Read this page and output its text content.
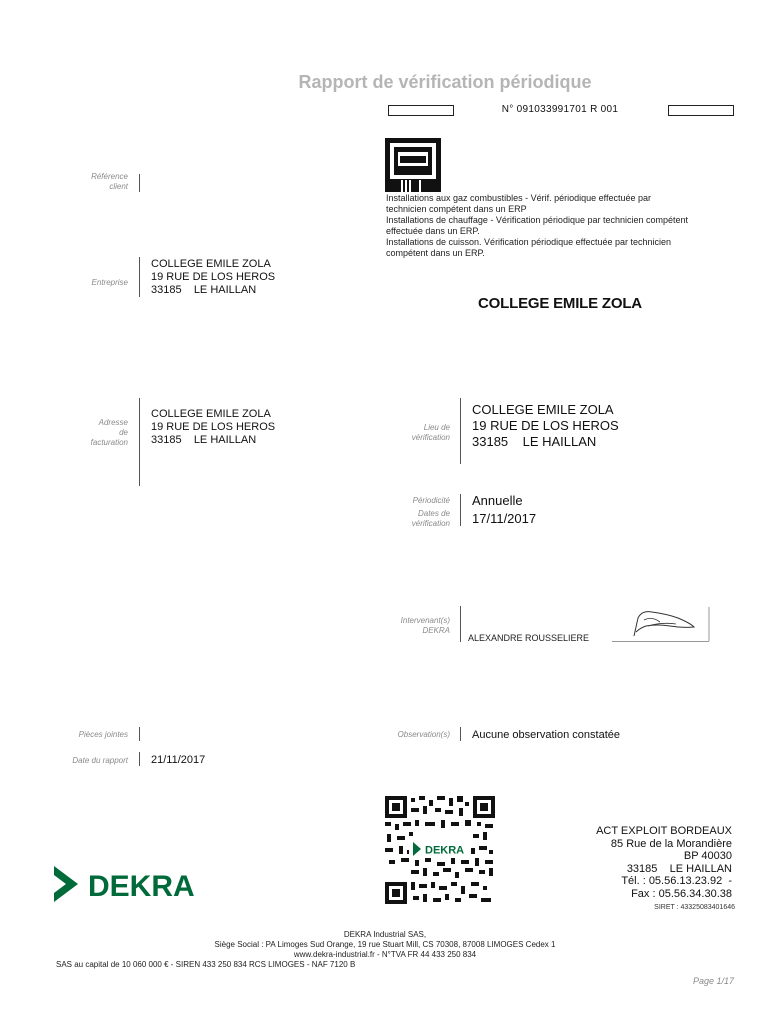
Rapport de vérification périodique
N° 091033991701 R 001
Référence
client
Installations aux gaz combustibles - Vérif. périodique effectuée par
technicien compétent dans un ERP
Installations de chauffage - Vérification périodique par technicien compétent
effectuée dans un ERP.
Installations de cuisson. Vérification périodique effectuée par technicien
compétent dans un ERP.
Entreprise
COLLEGE EMILE ZOLA
19 RUE DE LOS HEROS
33185    LE HAILLAN
COLLEGE EMILE ZOLA
Adresse
de
facturation
COLLEGE EMILE ZOLA
19 RUE DE LOS HEROS
33185    LE HAILLAN
Lieu de
vérification
COLLEGE EMILE ZOLA
19 RUE DE LOS HEROS
33185    LE HAILLAN
Périodicité
Dates de
vérification
Annuelle
17/11/2017
Intervenant(s)
DEKRA
ALEXANDRE ROUSSELIERE
Pièces jointes	Observation(s) Aucune observation constatée
Date du rapport 21/11/2017
DEKRA
DEKRA
ACT EXPLOIT BORDEAUX
85 Rue de la Morandière
BP 40030
33185    LE HAILLAN
Tél. : 05.56.13.23.92  -
Fax : 05.56.34.30.38
SIRET : 43325083401646
DEKRA Industrial SAS,
Siège Social : PA Limoges Sud Orange, 19 rue Stuart Mill, CS 70308, 87008 LIMOGES Cedex 1
www.dekra-industrial.fr - N°TVA FR 44 433 250 834
SAS au capital de 10 060 000 € - SIREN 433 250 834 RCS LIMOGES - NAF 7120 B
Page 1/17
